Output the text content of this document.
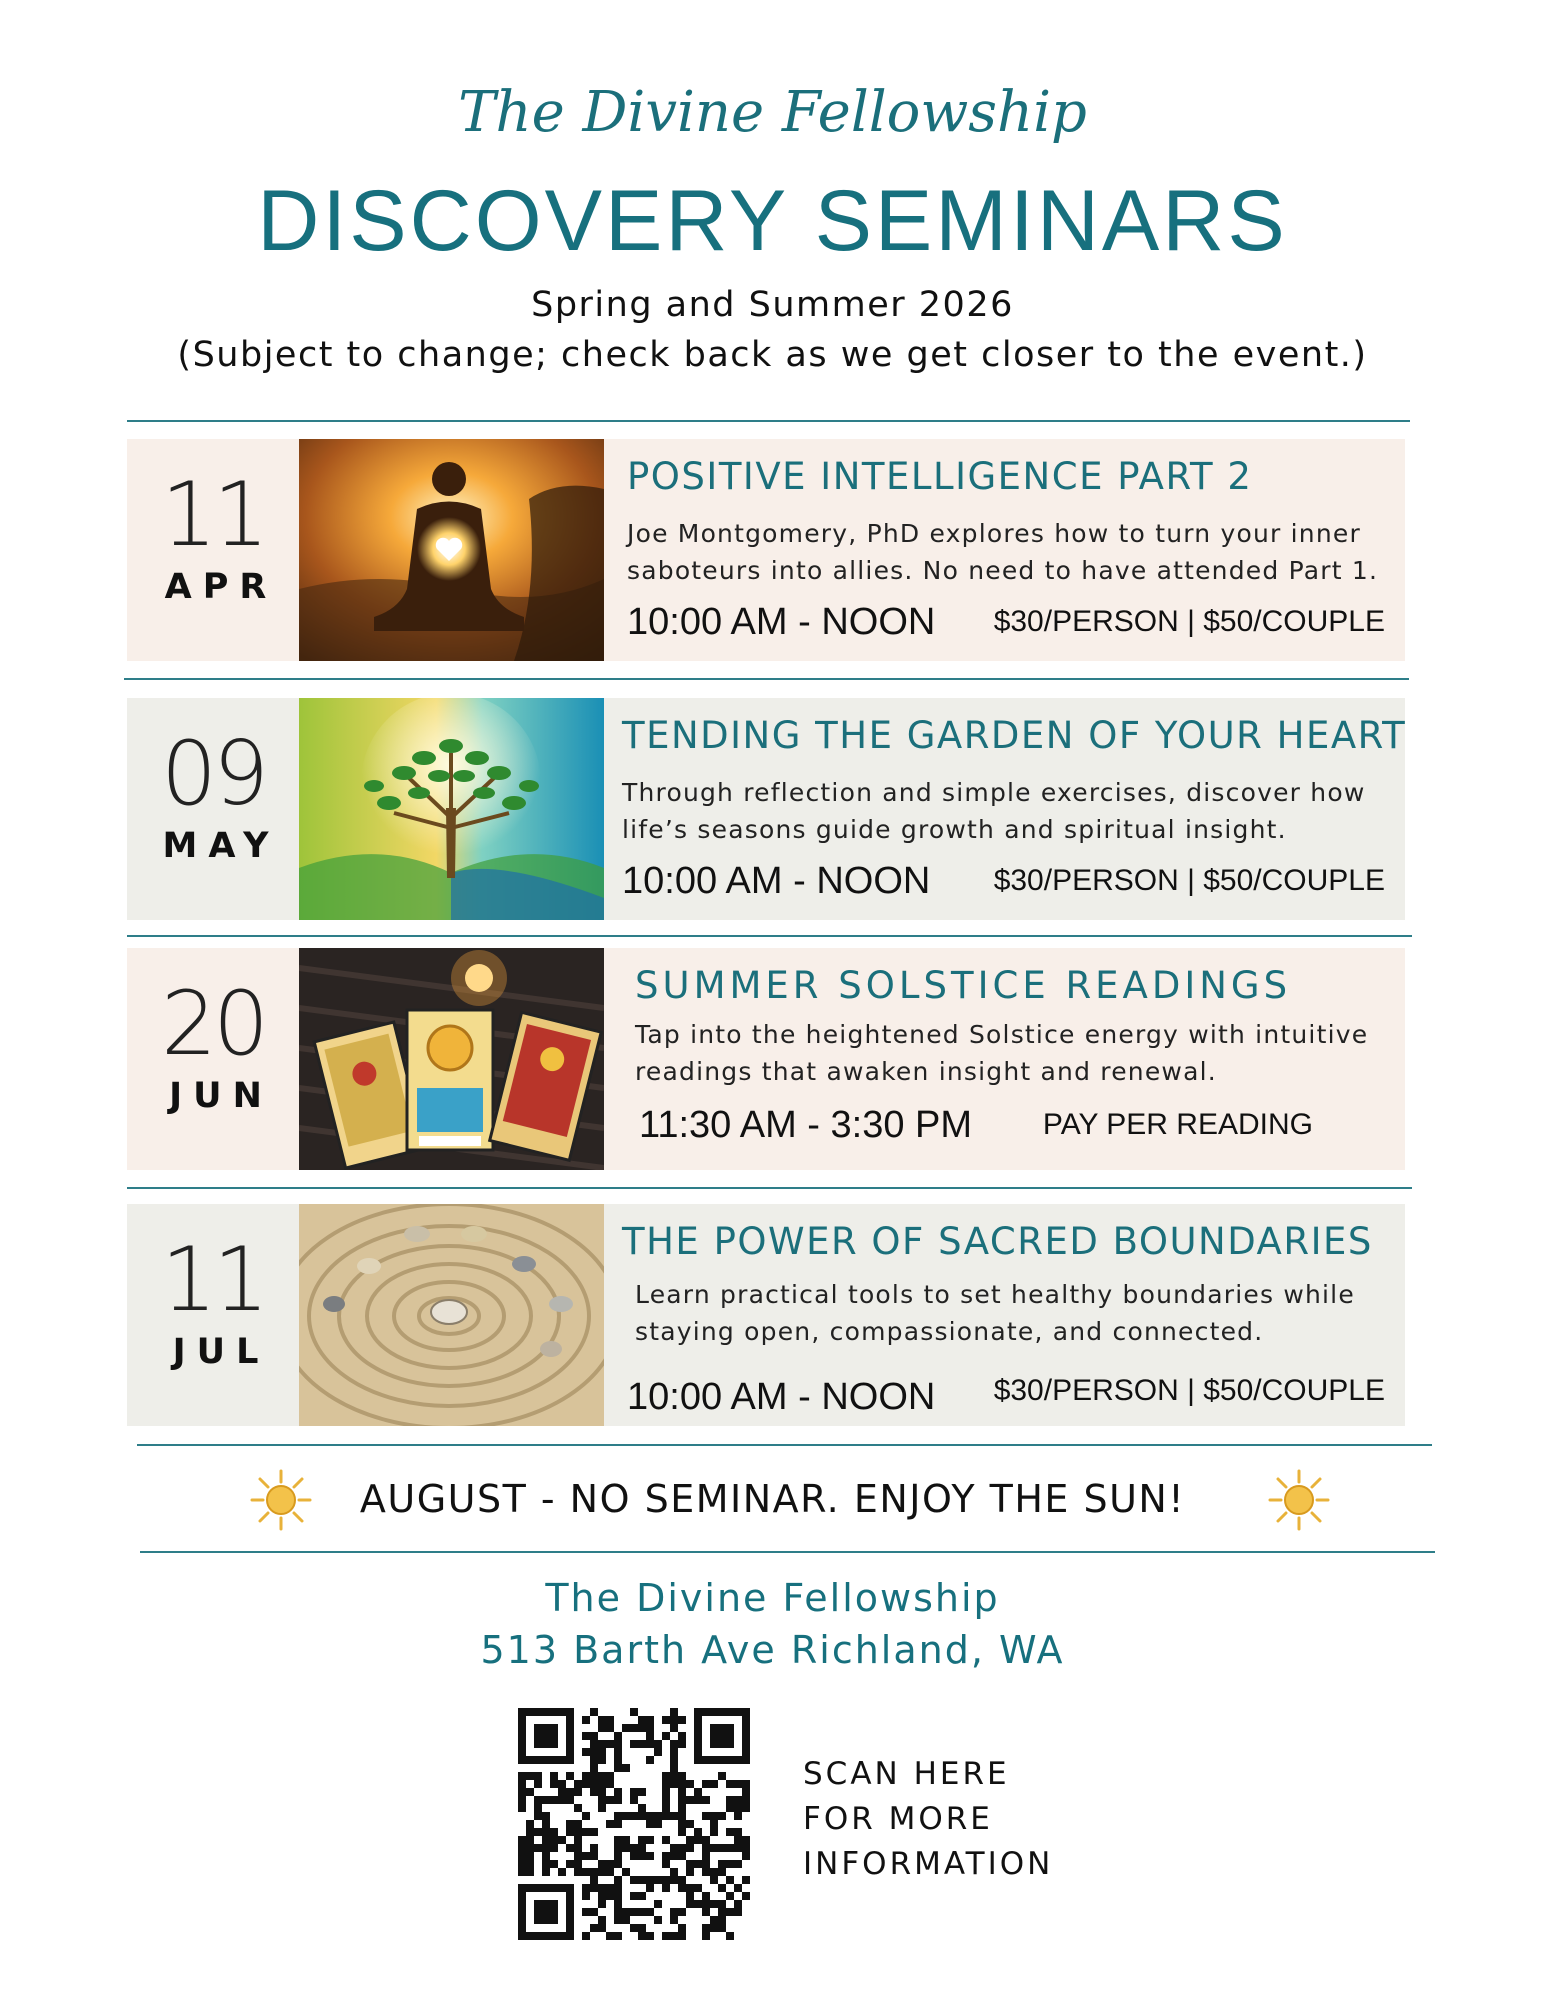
The Divine Fellowship
DISCOVERY SEMINARS
Spring and Summer 2026
(Subject to change; check back as we get closer to the event.)
11
APR
POSITIVE INTELLIGENCE PART 2
Joe Montgomery, PhD explores how to turn your inner saboteurs into allies. No need to have attended Part 1.
10:00 AM - NOON $30/PERSON | $50/COUPLE
09
MAY
TENDING THE GARDEN OF YOUR HEART
Through reflection and simple exercises, discover how life’s seasons guide growth and spiritual insight.
10:00 AM - NOON $30/PERSON | $50/COUPLE
20
JUN
SUMMER SOLSTICE READINGS
Tap into the heightened Solstice energy with intuitive readings that awaken insight and renewal.
11:30 AM - 3:30 PM PAY PER READING
11
JUL
THE POWER OF SACRED BOUNDARIES
Learn practical tools to set healthy boundaries while staying open, compassionate, and connected.
10:00 AM - NOON $30/PERSON | $50/COUPLE
AUGUST - NO SEMINAR. ENJOY THE SUN!
The Divine Fellowship
513 Barth Ave Richland, WA
SCAN HERE
FOR MORE
INFORMATION
